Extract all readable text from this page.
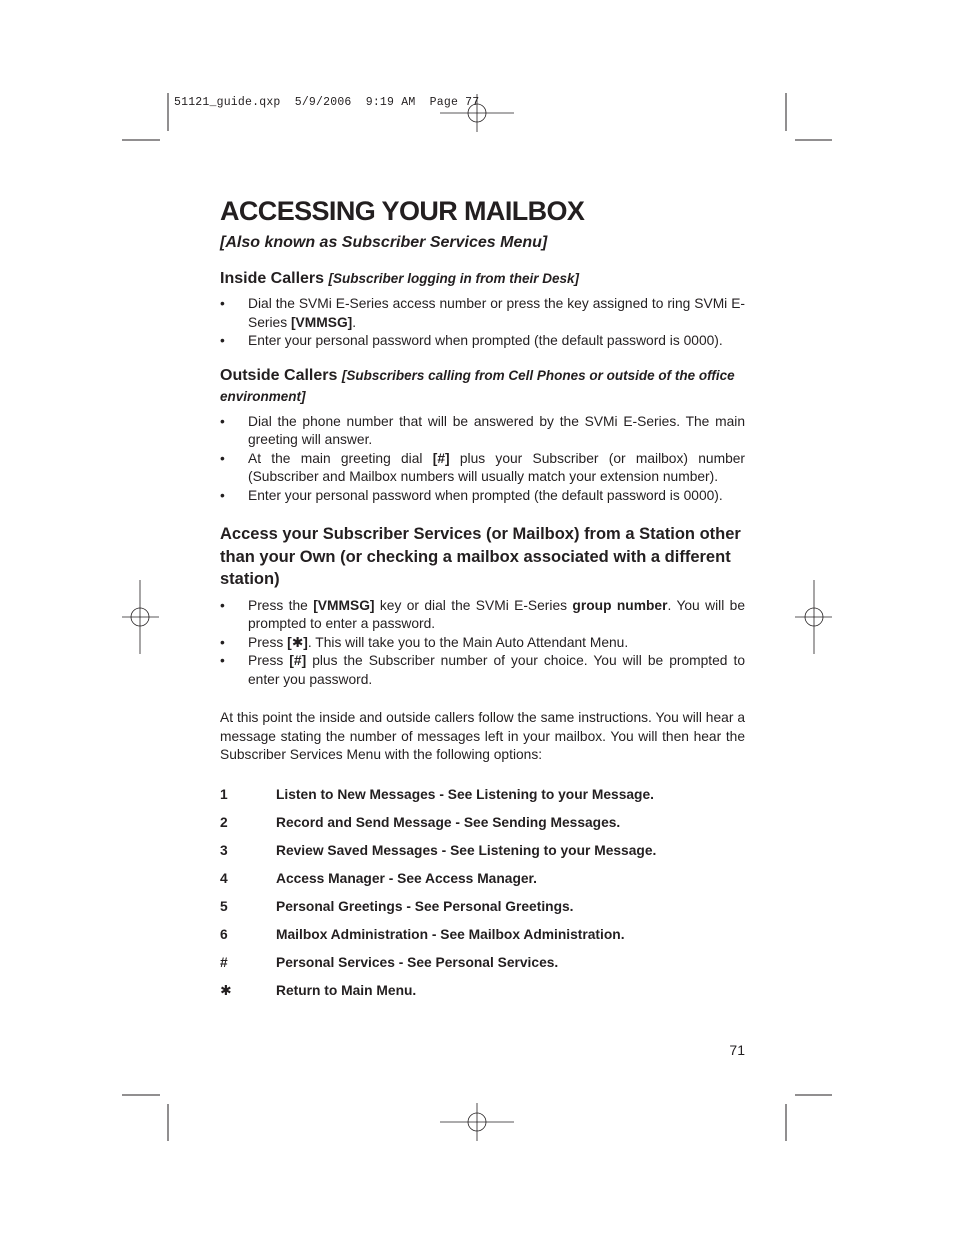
51121_guide.qxp  5/9/2006  9:19 AM  Page 77
ACCESSING YOUR MAILBOX

[Also known as Subscriber Services Menu]

Inside Callers [Subscriber logging in from their Desk]
• Dial the SVMi E-Series access number or press the key assigned to ring SVMi E-Series [VMMSG].
• Enter your personal password when prompted (the default password is 0000).
Outside Callers [Subscribers calling from Cell Phones or outside of the office environment]
• Dial the phone number that will be answered by the SVMi E-Series. The main greeting will answer.
• At the main greeting dial [#] plus your Subscriber (or mailbox) number (Subscriber and Mailbox numbers will usually match your extension number).
• Enter your personal password when prompted (the default password is 0000).
Access your Subscriber Services (or Mailbox) from a Station other than your Own (or checking a mailbox associated with a different station)
• Press the [VMMSG] key or dial the SVMi E-Series group number. You will be prompted to enter a password.
• Press [✱]. This will take you to the Main Auto Attendant Menu.
• Press [#] plus the Subscriber number of your choice. You will be prompted to enter you password.

At this point the inside and outside callers follow the same instructions. You will hear a message stating the number of messages left in your mailbox. You will then hear the Subscriber Services Menu with the following options:

1	Listen to New Messages - See Listening to your Message.
2	Record and Send Message - See Sending Messages.
3	Review Saved Messages - See Listening to your Message.
4	Access Manager - See Access Manager.
5	Personal Greetings - See Personal Greetings.
6	Mailbox Administration - See Mailbox Administration.
#	Personal Services - See Personal Services.
✱	Return to Main Menu.
71
